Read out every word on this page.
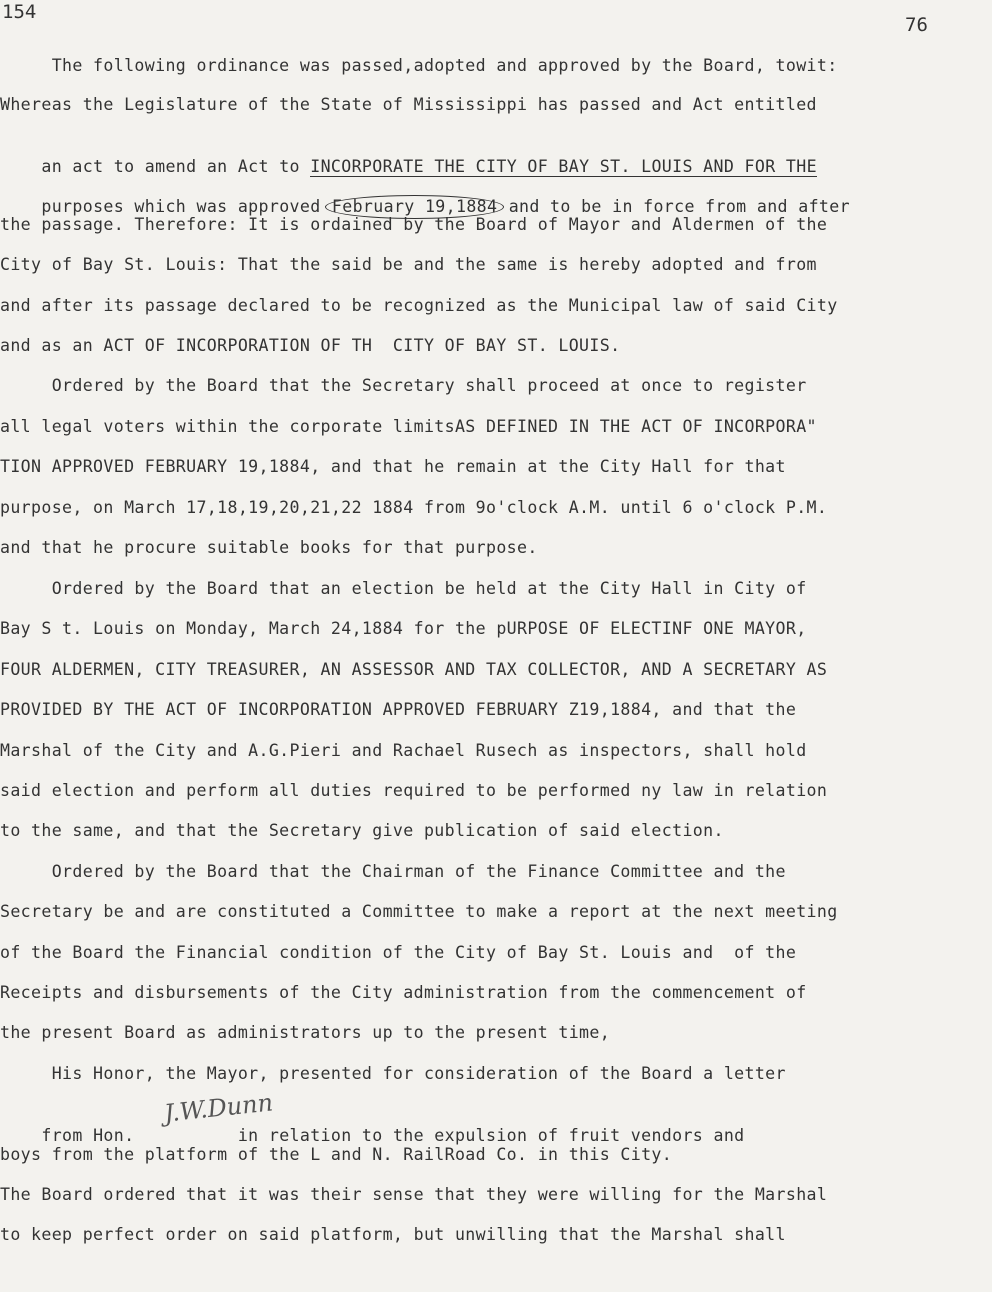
154
76
The following ordinance was passed,adopted and approved by the Board, towit:
Whereas the Legislature of the State of Mississippi has passed and Act entitled

an act to amend an Act to INCORPORATE THE CITY OF BAY ST. LOUIS AND FOR THE

purposes which was approved February 19,1884 and to be in force from and after

the passage. Therefore: It is ordained by the Board of Mayor and Aldermen of the
City of Bay St. Louis: That the said be and the same is hereby adopted and from
and after its passage declared to be recognized as the Municipal law of said City
and as an ACT OF INCORPORATION OF TH  CITY OF BAY ST. LOUIS.
Ordered by the Board that the Secretary shall proceed at once to register
all legal voters within the corporate limitsAS DEFINED IN THE ACT OF INCORPORA"
TION APPROVED FEBRUARY 19,1884, and that he remain at the City Hall for that
purpose, on March 17,18,19,20,21,22 1884 from 9o'clock A.M. until 6 o'clock P.M.
and that he procure suitable books for that purpose.
Ordered by the Board that an election be held at the City Hall in City of
Bay S t. Louis on Monday, March 24,1884 for the pURPOSE OF ELECTINF ONE MAYOR,
FOUR ALDERMEN, CITY TREASURER, AN ASSESSOR AND TAX COLLECTOR, AND A SECRETARY AS
PROVIDED BY THE ACT OF INCORPORATION APPROVED FEBRUARY Z19,1884, and that the
Marshal of the City and A.G.Pieri and Rachael Rusech as inspectors, shall hold
said election and perform all duties required to be performed ny law in relation
to the same, and that the Secretary give publication of said election.
Ordered by the Board that the Chairman of the Finance Committee and the
Secretary be and are constituted a Committee to make a report at the next meeting
of the Board the Financial condition of the City of Bay St. Louis and  of the
Receipts and disbursements of the City administration from the commencement of
the present Board as administrators up to the present time,
His Honor, the Mayor, presented for consideration of the Board a letter

from Hon.          in relation to the expulsion of fruit vendors and

boys from the platform of the L and N. RailRoad Co. in this City.
The Board ordered that it was their sense that they were willing for the Marshal
to keep perfect order on said platform, but unwilling that the Marshal shall
J.W.Dunn
